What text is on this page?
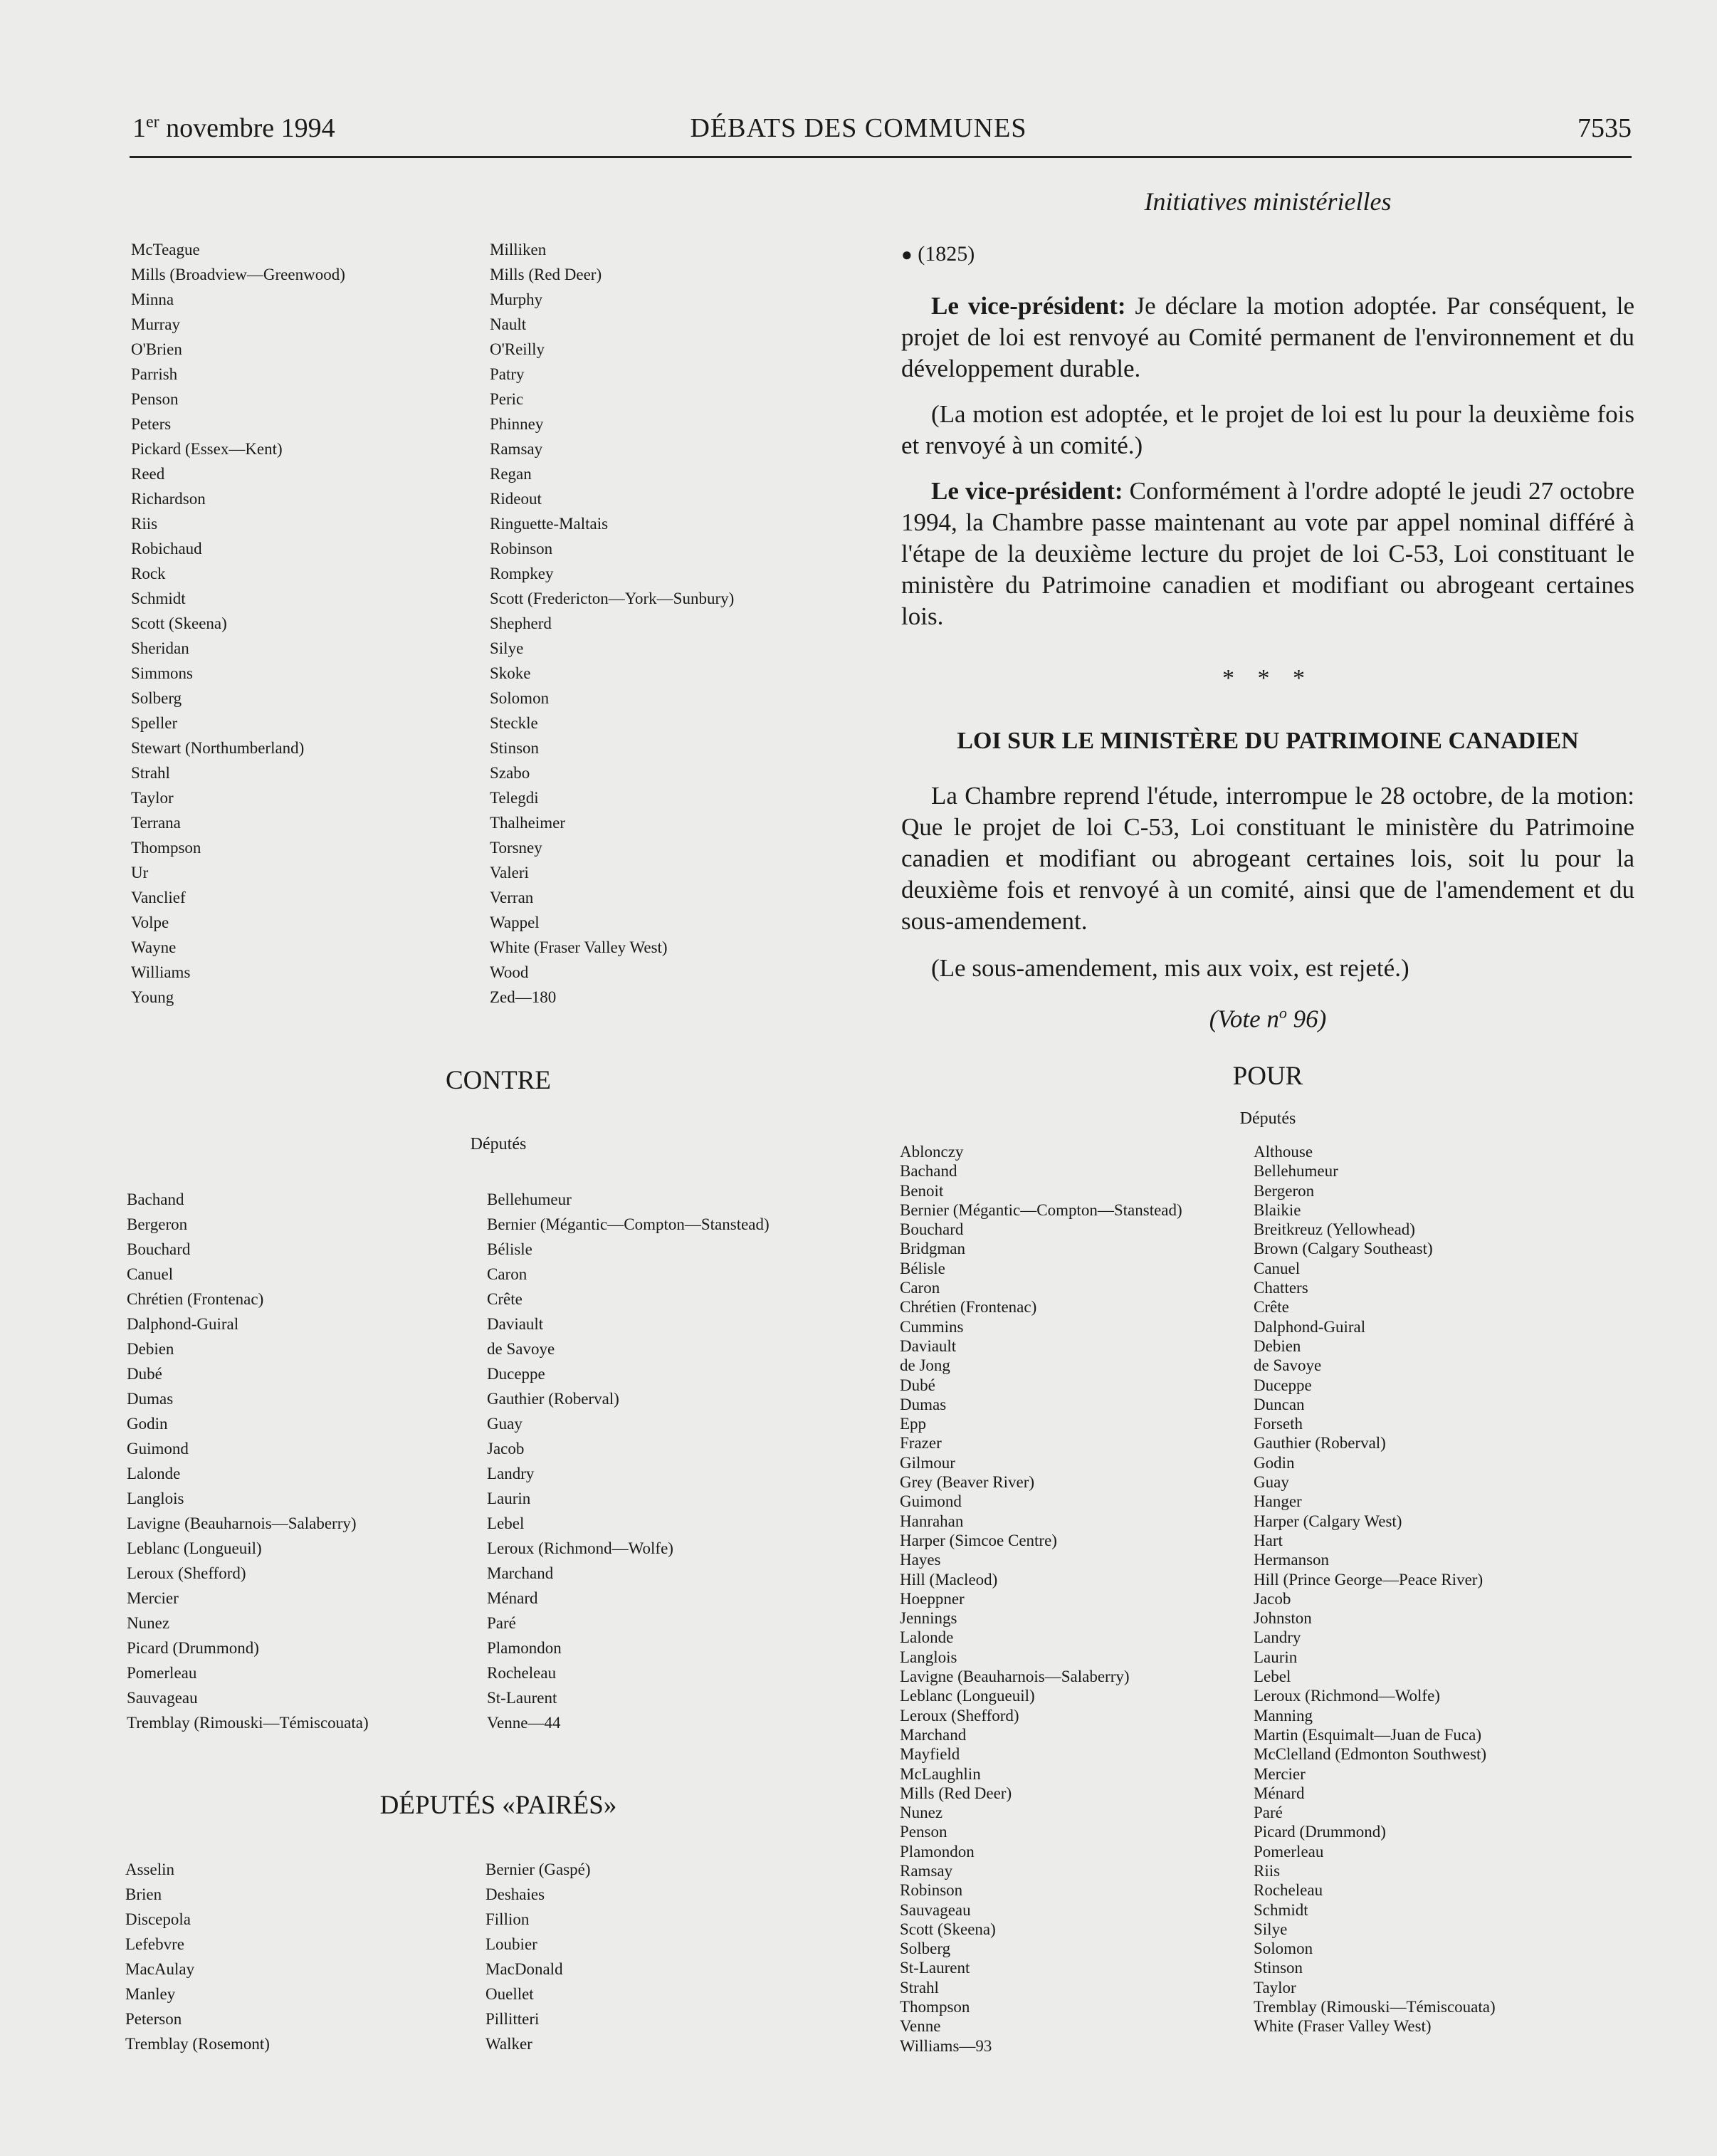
1er novembre 1994	DÉBATS DES COMMUNES	7535
Initiatives ministérielles
McTeague
Mills (Broadview—Greenwood)
Minna
Murray
O'Brien
Parrish
Penson
Peters
Pickard (Essex—Kent)
Reed
Richardson
Riis
Robichaud
Rock
Schmidt
Scott (Skeena)
Sheridan
Simmons
Solberg
Speller
Stewart (Northumberland)
Strahl
Taylor
Terrana
Thompson
Ur
Vanclief
Volpe
Wayne
Williams
Young
Milliken
Mills (Red Deer)
Murphy
Nault
O'Reilly
Patry
Peric
Phinney
Ramsay
Regan
Rideout
Ringuette-Maltais
Robinson
Rompkey
Scott (Fredericton—York—Sunbury)
Shepherd
Silye
Skoke
Solomon
Steckle
Stinson
Szabo
Telegdi
Thalheimer
Torsney
Valeri
Verran
Wappel
White (Fraser Valley West)
Wood
Zed—180
CONTRE
Députés
Bachand
Bergeron
Bouchard
Canuel
Chrétien (Frontenac)
Dalphond-Guiral
Debien
Dubé
Dumas
Godin
Guimond
Lalonde
Langlois
Lavigne (Beauharnois—Salaberry)
Leblanc (Longueuil)
Leroux (Shefford)
Mercier
Nunez
Picard (Drummond)
Pomerleau
Sauvageau
Tremblay (Rimouski—Témiscouata)
Bellehumeur
Bernier (Mégantic—Compton—Stanstead)
Bélisle
Caron
Crête
Daviault
de Savoye
Duceppe
Gauthier (Roberval)
Guay
Jacob
Landry
Laurin
Lebel
Leroux (Richmond—Wolfe)
Marchand
Ménard
Paré
Plamondon
Rocheleau
St-Laurent
Venne—44
DÉPUTÉS «PAIRÉS»
Asselin
Brien
Discepola
Lefebvre
MacAulay
Manley
Peterson
Tremblay (Rosemont)
Bernier (Gaspé)
Deshaies
Fillion
Loubier
MacDonald
Ouellet
Pillitteri
Walker
● (1825)

Le vice-président: Je déclare la motion adoptée. Par conséquent, le projet de loi est renvoyé au Comité permanent de l'environnement et du développement durable.

(La motion est adoptée, et le projet de loi est lu pour la deuxième fois et renvoyé à un comité.)

Le vice-président: Conformément à l'ordre adopté le jeudi 27 octobre 1994, la Chambre passe maintenant au vote par appel nominal différé à l'étape de la deuxième lecture du projet de loi C-53, Loi constituant le ministère du Patrimoine canadien et modifiant ou abrogeant certaines lois.

* * *
LOI SUR LE MINISTÈRE DU PATRIMOINE CANADIEN

La Chambre reprend l'étude, interrompue le 28 octobre, de la motion: Que le projet de loi C-53, Loi constituant le ministère du Patrimoine canadien et modifiant ou abrogeant certaines lois, soit lu pour la deuxième fois et renvoyé à un comité, ainsi que de l'amendement et du sous-amendement.

(Le sous-amendement, mis aux voix, est rejeté.)

(Vote $n^o$ 96)
POUR
Députés
Ablonczy
Bachand
Benoit
Bernier (Mégantic—Compton—Stanstead)
Bouchard
Bridgman
Bélisle
Caron
Chrétien (Frontenac)
Cummins
Daviault
de Jong
Dubé
Dumas
Epp
Frazer
Gilmour
Grey (Beaver River)
Guimond
Hanrahan
Harper (Simcoe Centre)
Hayes
Hill (Macleod)
Hoeppner
Jennings
Lalonde
Langlois
Lavigne (Beauharnois—Salaberry)
Leblanc (Longueuil)
Leroux (Shefford)
Marchand
Mayfield
McLaughlin
Mills (Red Deer)
Nunez
Penson
Plamondon
Ramsay
Robinson
Sauvageau
Scott (Skeena)
Solberg
St-Laurent
Strahl
Thompson
Venne
Williams—93
Althouse
Bellehumeur
Bergeron
Blaikie
Breitkreuz (Yellowhead)
Brown (Calgary Southeast)
Canuel
Chatters
Crête
Dalphond-Guiral
Debien
de Savoye
Duceppe
Duncan
Forseth
Gauthier (Roberval)
Godin
Guay
Hanger
Harper (Calgary West)
Hart
Hermanson
Hill (Prince George—Peace River)
Jacob
Johnston
Landry
Laurin
Lebel
Leroux (Richmond—Wolfe)
Manning
Martin (Esquimalt—Juan de Fuca)
McClelland (Edmonton Southwest)
Mercier
Ménard
Paré
Picard (Drummond)
Pomerleau
Riis
Rocheleau
Schmidt
Silye
Solomon
Stinson
Taylor
Tremblay (Rimouski—Témiscouata)
White (Fraser Valley West)
